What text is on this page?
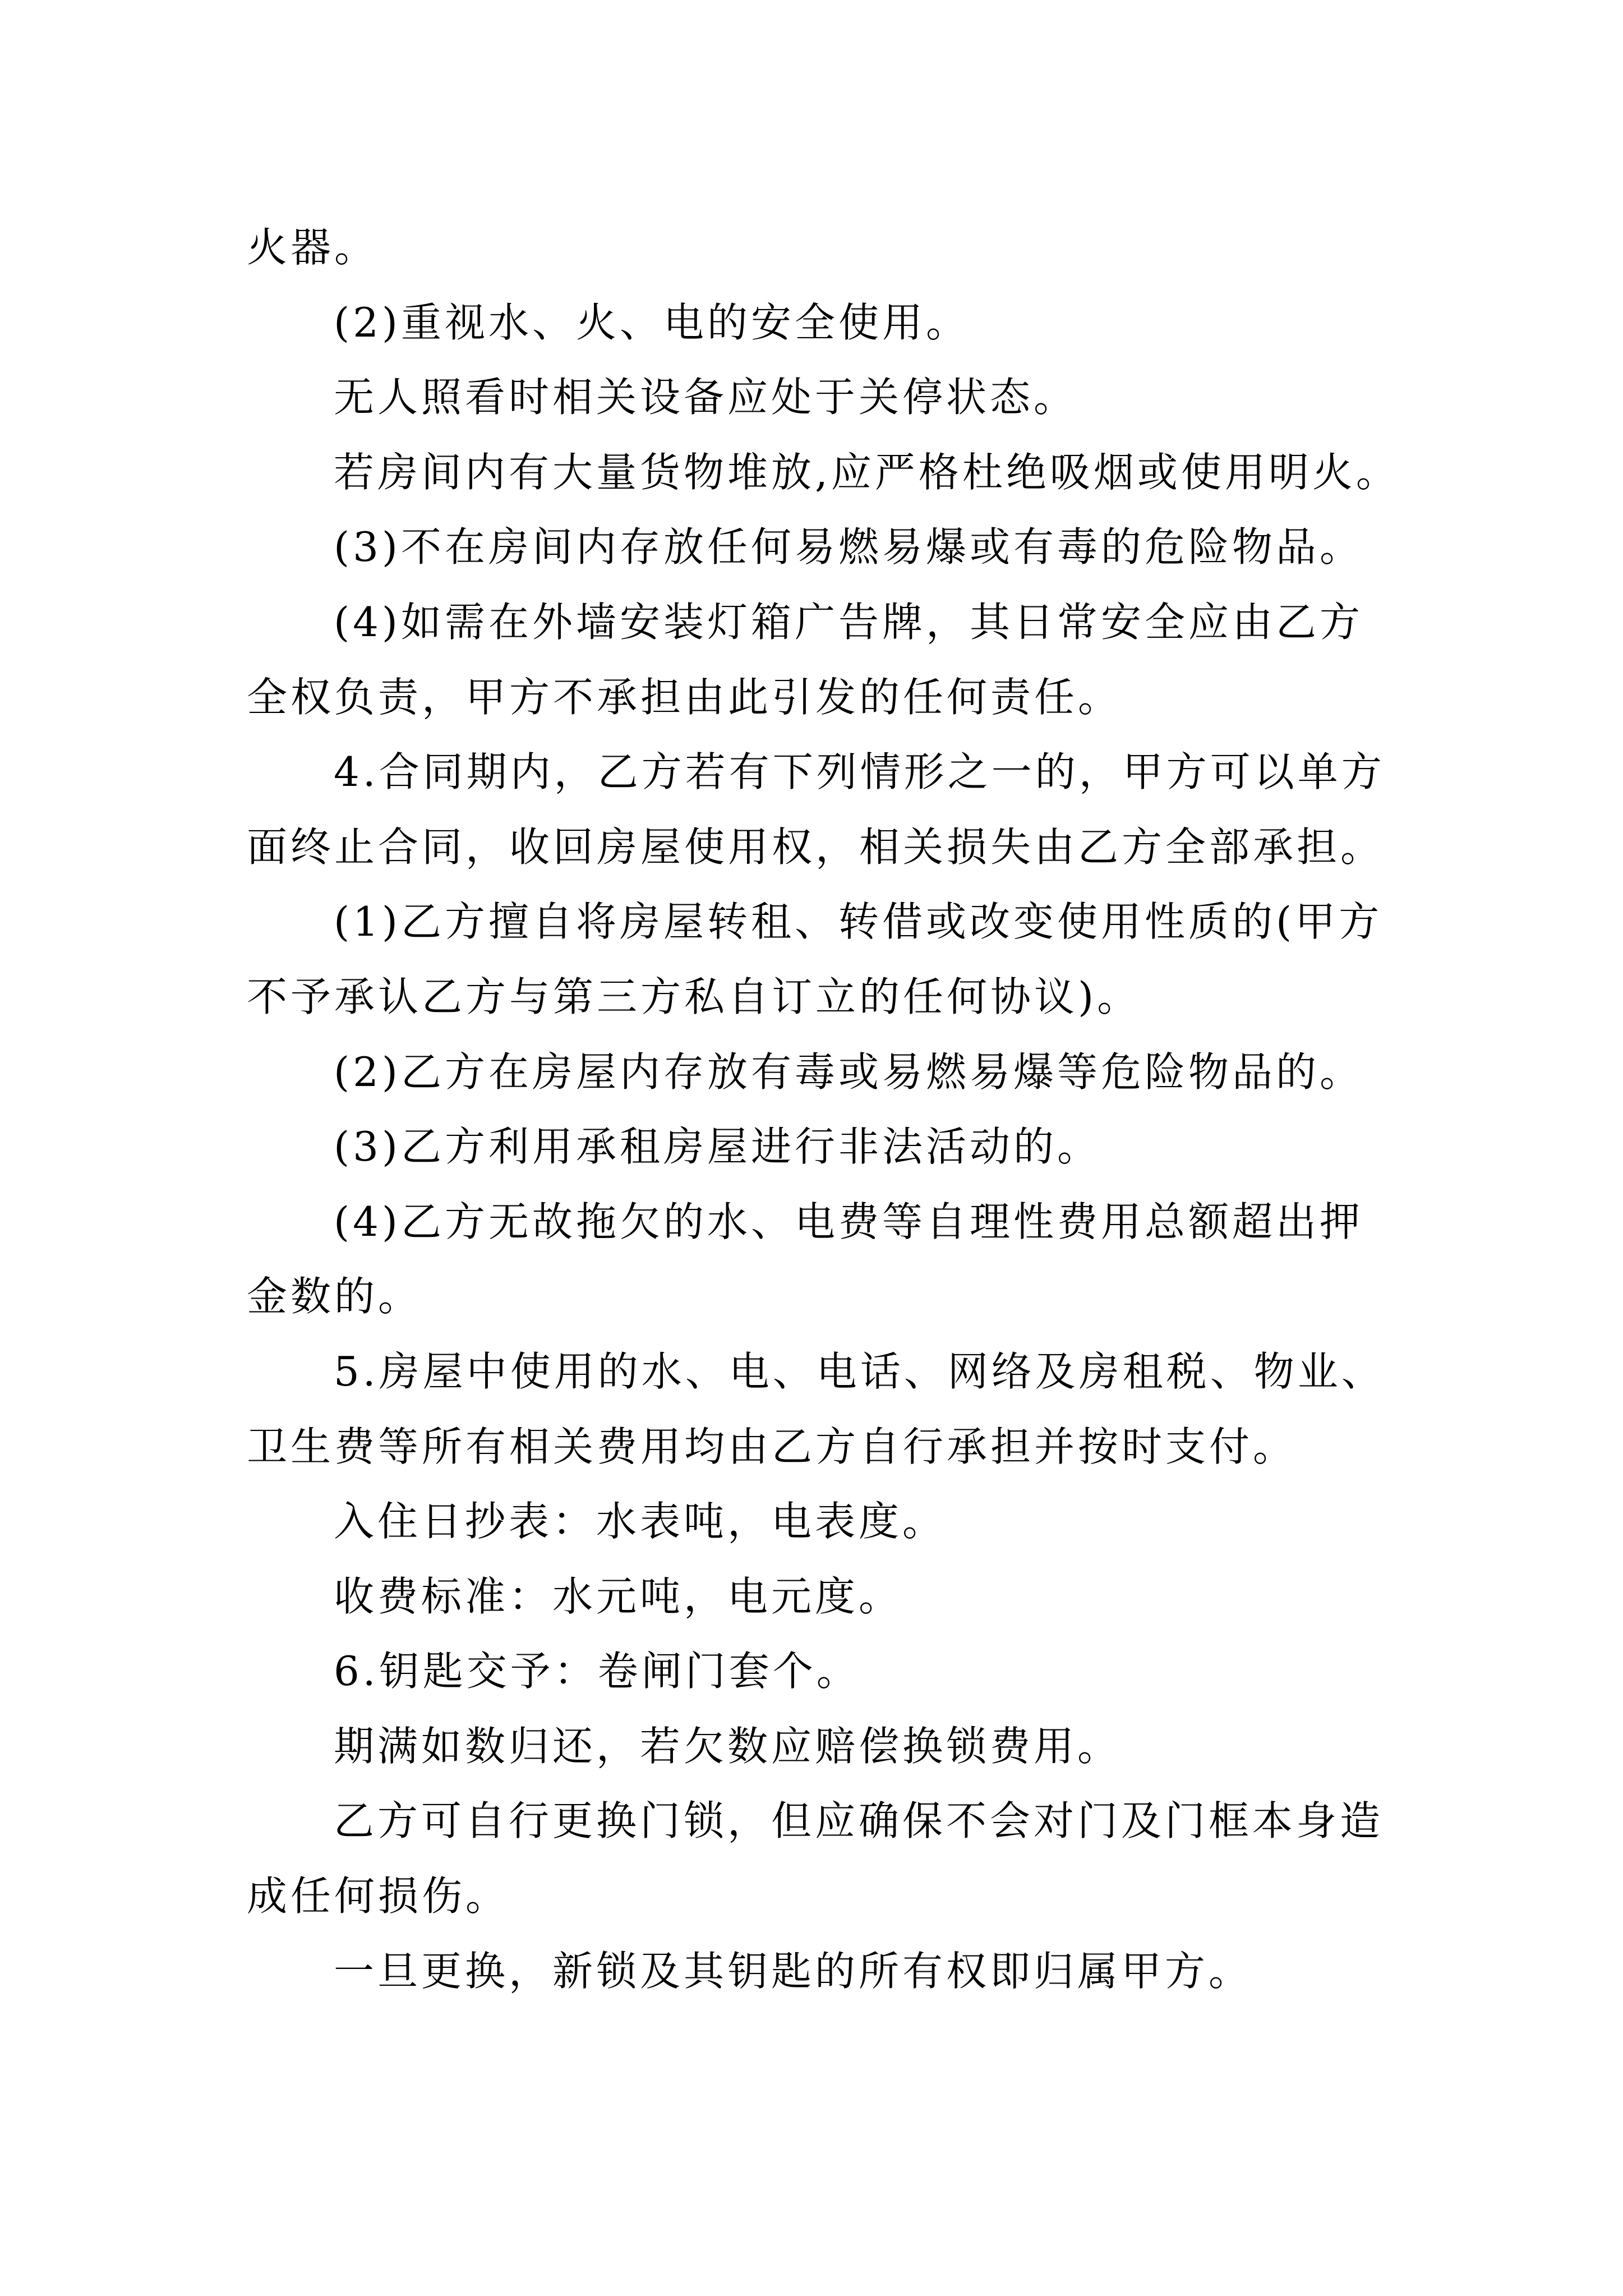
火器。
(2)重视水、火、电的安全使用。
无人照看时相关设备应处于关停状态。
若房间内有大量货物堆放,应严格杜绝吸烟或使用明火。
(3)不在房间内存放任何易燃易爆或有毒的危险物品。
(4)如需在外墙安装灯箱广告牌，其日常安全应由乙方
全权负责，甲方不承担由此引发的任何责任。
4.合同期内，乙方若有下列情形之一的，甲方可以单方
面终止合同，收回房屋使用权，相关损失由乙方全部承担。
(1)乙方擅自将房屋转租、转借或改变使用性质的(甲方
不予承认乙方与第三方私自订立的任何协议)。
(2)乙方在房屋内存放有毒或易燃易爆等危险物品的。
(3)乙方利用承租房屋进行非法活动的。
(4)乙方无故拖欠的水、电费等自理性费用总额超出押
金数的。
5.房屋中使用的水、电、电话、网络及房租税、物业、
卫生费等所有相关费用均由乙方自行承担并按时支付。
入住日抄表：水表吨，电表度。
收费标准：水元吨，电元度。
6.钥匙交予：卷闸门套个。
期满如数归还，若欠数应赔偿换锁费用。
乙方可自行更换门锁，但应确保不会对门及门框本身造
成任何损伤。
一旦更换，新锁及其钥匙的所有权即归属甲方。
